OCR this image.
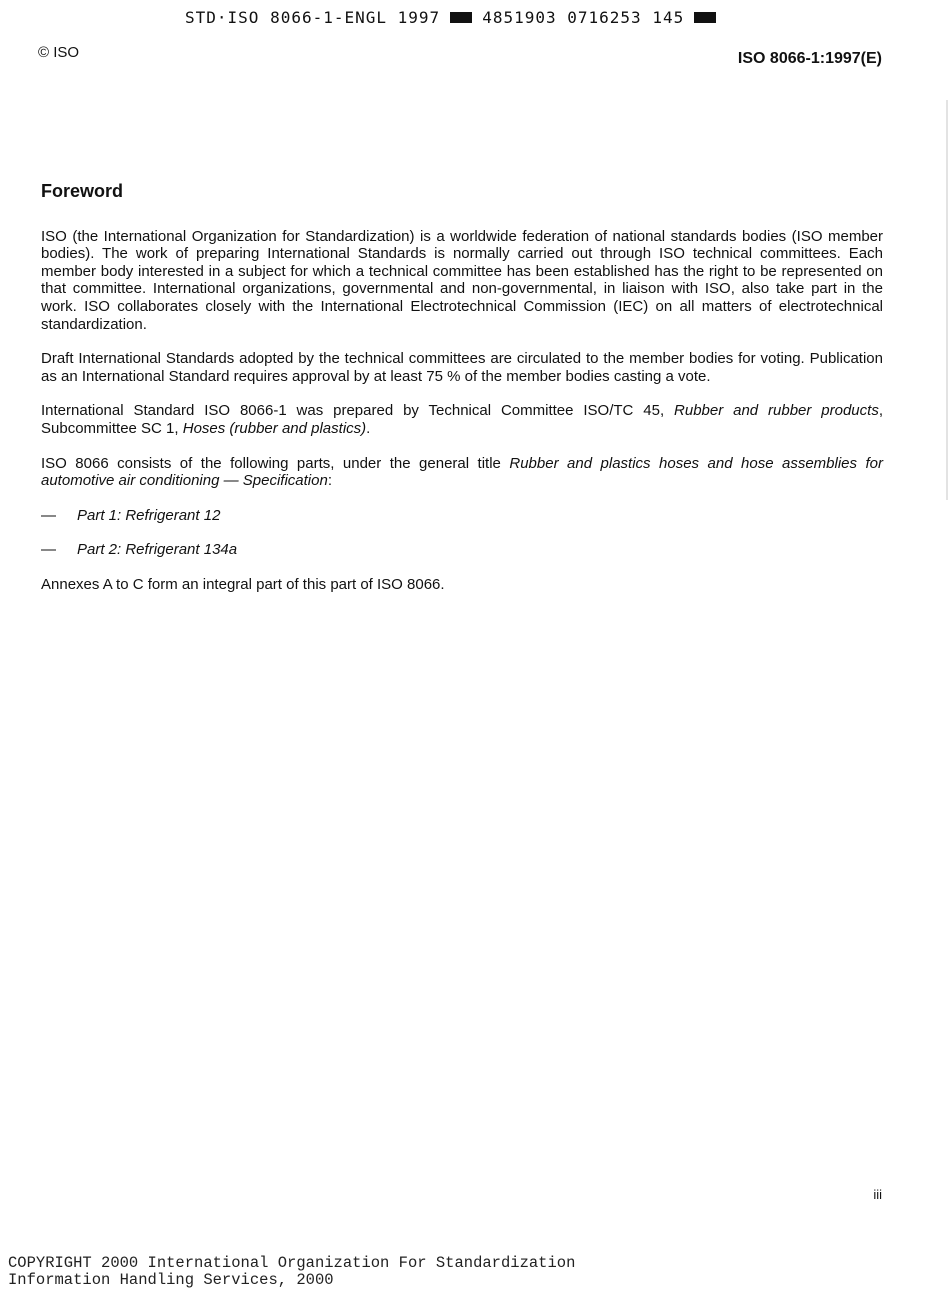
STD·ISO 8066-1-ENGL 1997	4851903 0716253 145
© ISO	ISO 8066-1:1997(E)
Foreword

ISO (the International Organization for Standardization) is a worldwide federation of national standards bodies (ISO member bodies). The work of preparing International Standards is normally carried out through ISO technical committees. Each member body interested in a subject for which a technical committee has been established has the right to be represented on that committee. International organizations, governmental and non-governmental, in liaison with ISO, also take part in the work. ISO collaborates closely with the International Electrotechnical Commission (IEC) on all matters of electrotechnical standardization.

Draft International Standards adopted by the technical committees are circulated to the member bodies for voting. Publication as an International Standard requires approval by at least 75 % of the member bodies casting a vote.

International Standard ISO 8066-1 was prepared by Technical Committee ISO/TC 45, Rubber and rubber products, Subcommittee SC 1, Hoses (rubber and plastics).

ISO 8066 consists of the following parts, under the general title Rubber and plastics hoses and hose assemblies for automotive air conditioning — Specification:

—	Part 1: Refrigerant 12
—	Part 2: Refrigerant 134a

Annexes A to C form an integral part of this part of ISO 8066.

iii
COPYRIGHT 2000 International Organization For Standardization
Information Handling Services, 2000
